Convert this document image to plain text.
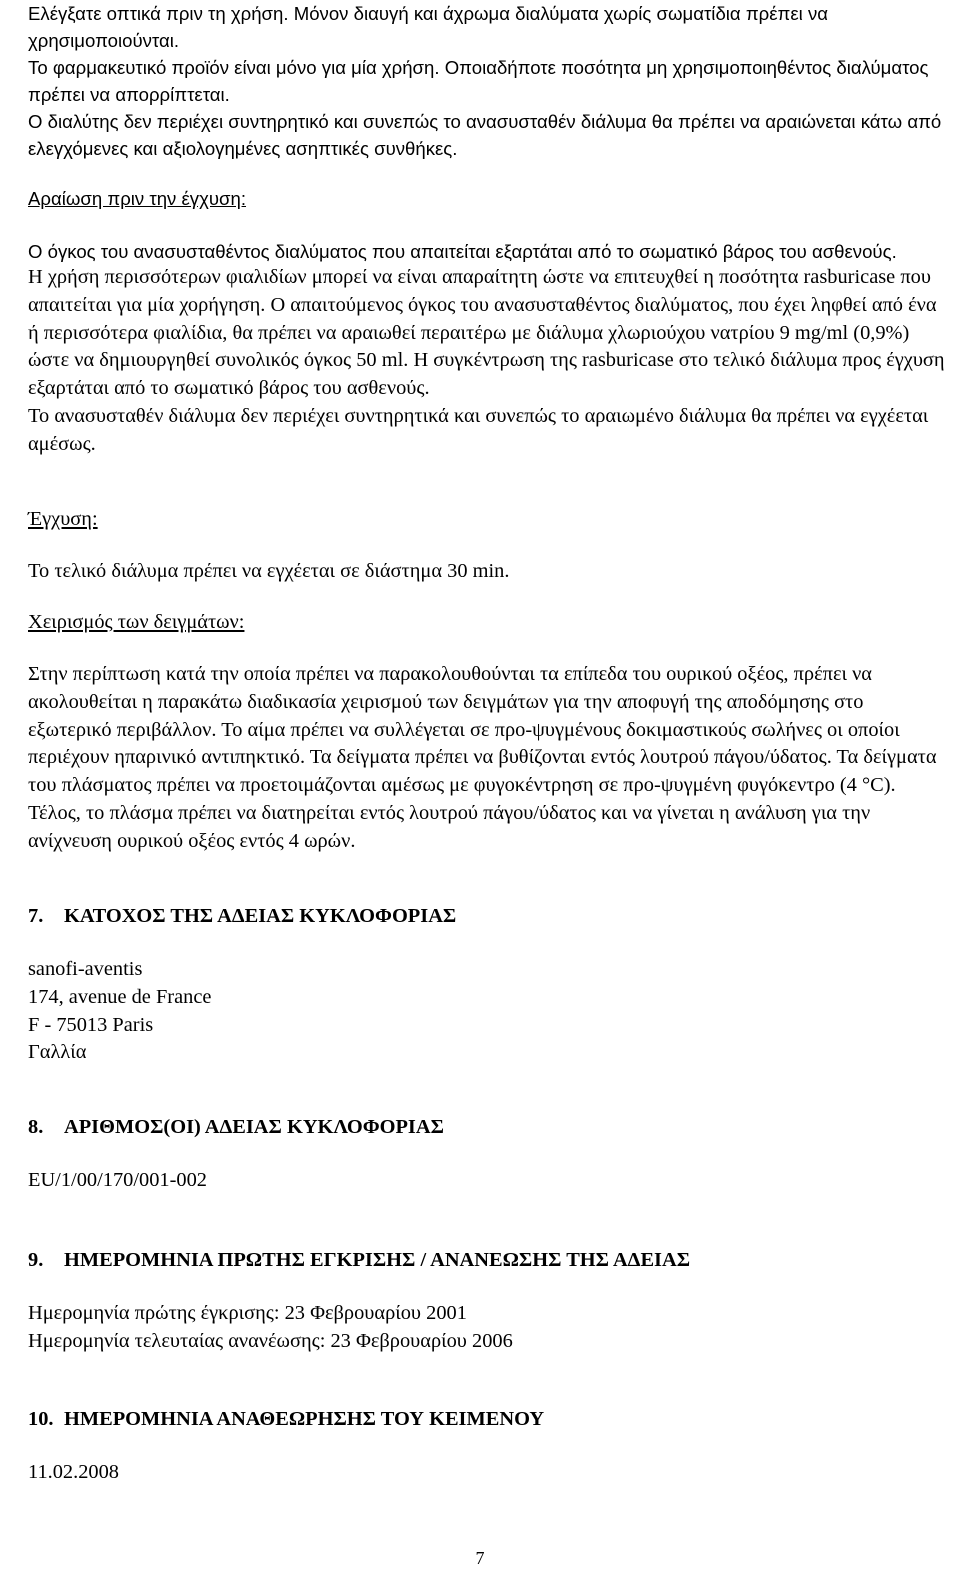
Ελέγξατε οπτικά πριν τη χρήση. Μόνον διαυγή και άχρωμα διαλύματα χωρίς σωματίδια πρέπει να χρησιμοποιούνται.

Το φαρμακευτικό προϊόν είναι μόνο για μία χρήση. Οποιαδήποτε ποσότητα μη χρησιμοποιηθέντος διαλύματος πρέπει να απορρίπτεται.

Ο διαλύτης δεν περιέχει συντηρητικό και συνεπώς το ανασυσταθέν διάλυμα θα πρέπει να αραιώνεται κάτω από ελεγχόμενες και αξιολογημένες ασηπτικές συνθήκες.

Αραίωση πριν την έγχυση:

Ο όγκος του ανασυσταθέντος διαλύματος που απαιτείται εξαρτάται από το σωματικό βάρος του ασθενούς.

Η χρήση περισσότερων φιαλιδίων μπορεί να είναι απαραίτητη ώστε να επιτευχθεί η ποσότητα rasburicase που απαιτείται για μία χορήγηση. Ο απαιτούμενος όγκος του ανασυσταθέντος διαλύματος, που έχει ληφθεί από ένα ή περισσότερα φιαλίδια, θα πρέπει να αραιωθεί περαιτέρω με διάλυμα χλωριούχου νατρίου 9 mg/ml (0,9%) ώστε να δημιουργηθεί συνολικός όγκος 50 ml. Η συγκέντρωση της rasburicase στο τελικό διάλυμα προς έγχυση εξαρτάται από το σωματικό βάρος του ασθενούς.

Το ανασυσταθέν διάλυμα δεν περιέχει συντηρητικά και συνεπώς το αραιωμένο διάλυμα θα πρέπει να εγχέεται αμέσως.

Έγχυση:

Το τελικό διάλυμα πρέπει να εγχέεται σε διάστημα 30 min.

Χειρισμός των δειγμάτων:

Στην περίπτωση κατά την οποία πρέπει να παρακολουθούνται τα επίπεδα του ουρικού οξέος, πρέπει να ακολουθείται η παρακάτω διαδικασία χειρισμού των δειγμάτων για την αποφυγή της αποδόμησης στο εξωτερικό περιβάλλον. Το αίμα πρέπει να συλλέγεται σε προ-ψυγμένους δοκιμαστικούς σωλήνες οι οποίοι περιέχουν ηπαρινικό αντιπηκτικό. Τα δείγματα πρέπει να βυθίζονται εντός λουτρού πάγου/ύδατος. Τα δείγματα του πλάσματος πρέπει να προετοιμάζονται αμέσως με φυγοκέντρηση σε προ-ψυγμένη φυγόκεντρο (4 °C). Τέλος, το πλάσμα πρέπει να διατηρείται εντός λουτρού πάγου/ύδατος και να γίνεται η ανάλυση για την ανίχνευση ουρικού οξέος εντός 4 ωρών.

7. ΚΑΤΟΧΟΣ ΤΗΣ ΑΔΕΙΑΣ ΚΥΚΛΟΦΟΡΙΑΣ
sanofi-aventis
174, avenue de France
F - 75013 Paris
Γαλλία
8. ΑΡΙΘΜΟΣ(ΟΙ) ΑΔΕΙΑΣ ΚΥΚΛΟΦΟΡΙΑΣ
EU/1/00/170/001-002
9. ΗΜΕΡΟΜΗΝΙΑ ΠΡΩΤΗΣ ΕΓΚΡΙΣΗΣ / ΑΝΑΝΕΩΣΗΣ ΤΗΣ ΑΔΕΙΑΣ
Ημερομηνία πρώτης έγκρισης: 23 Φεβρουαρίου 2001
Ημερομηνία τελευταίας ανανέωσης: 23 Φεβρουαρίου 2006
10. ΗΜΕΡΟΜΗΝΙΑ ΑΝΑΘΕΩΡΗΣΗΣ ΤΟΥ ΚΕΙΜΕΝΟΥ
11.02.2008
7
